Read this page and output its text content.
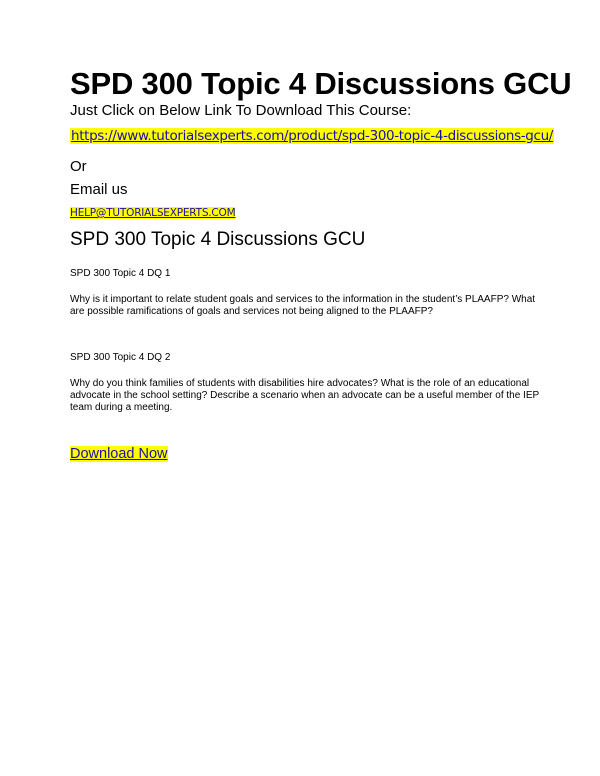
SPD 300 Topic 4 Discussions GCU
Just Click on Below Link To Download This Course:
https://www.tutorialsexperts.com/product/spd-300-topic-4-discussions-gcu/
Or
Email us
HELP@TUTORIALSEXPERTS.COM
SPD 300 Topic 4 Discussions GCU
SPD 300 Topic 4 DQ 1
Why is it important to relate student goals and services to the information in the student’s PLAAFP? What are possible ramifications of goals and services not being aligned to the PLAAFP?
SPD 300 Topic 4 DQ 2
Why do you think families of students with disabilities hire advocates? What is the role of an educational advocate in the school setting? Describe a scenario when an advocate can be a useful member of the IEP team during a meeting.
Download Now
